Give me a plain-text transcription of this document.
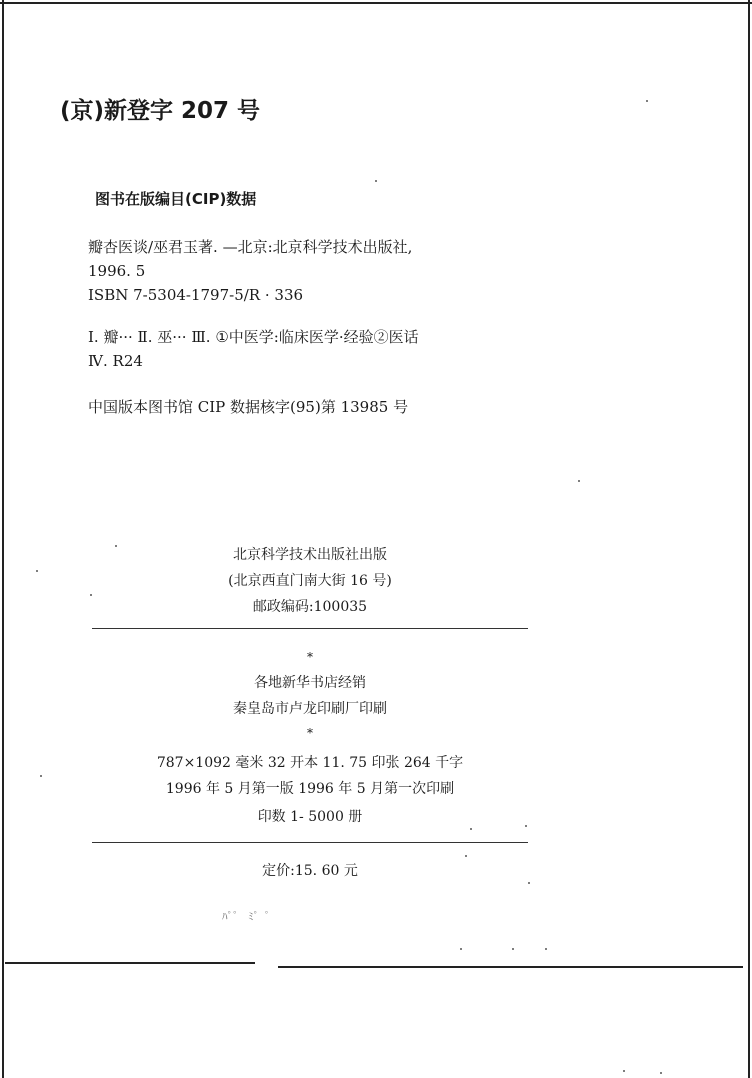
(京)新登字 207 号
图书在版编目(CIP)数据
瓣杏医谈/巫君玉著. —北京:北京科学技术出版社,
1996. 5
ISBN 7-5304-1797-5/R · 336
Ⅰ. 瓣··· Ⅱ. 巫··· Ⅲ. ①中医学:临床医学·经验②医话
Ⅳ. R24
中国版本图书馆 CIP 数据核字(95)第 13985 号
北京科学技术出版社出版
(北京西直门南大街 16 号)
邮政编码:100035
*
各地新华书店经销
秦皇岛市卢龙印刷厂印刷
*
787×1092 毫米 32 开本 11. 75 印张 264 千字
1996 年 5 月第一版 1996 年 5 月第一次印刷
印数 1- 5000 册
定价:15. 60 元
ﾊﾟﾟ ﾐﾟ ﾟ
